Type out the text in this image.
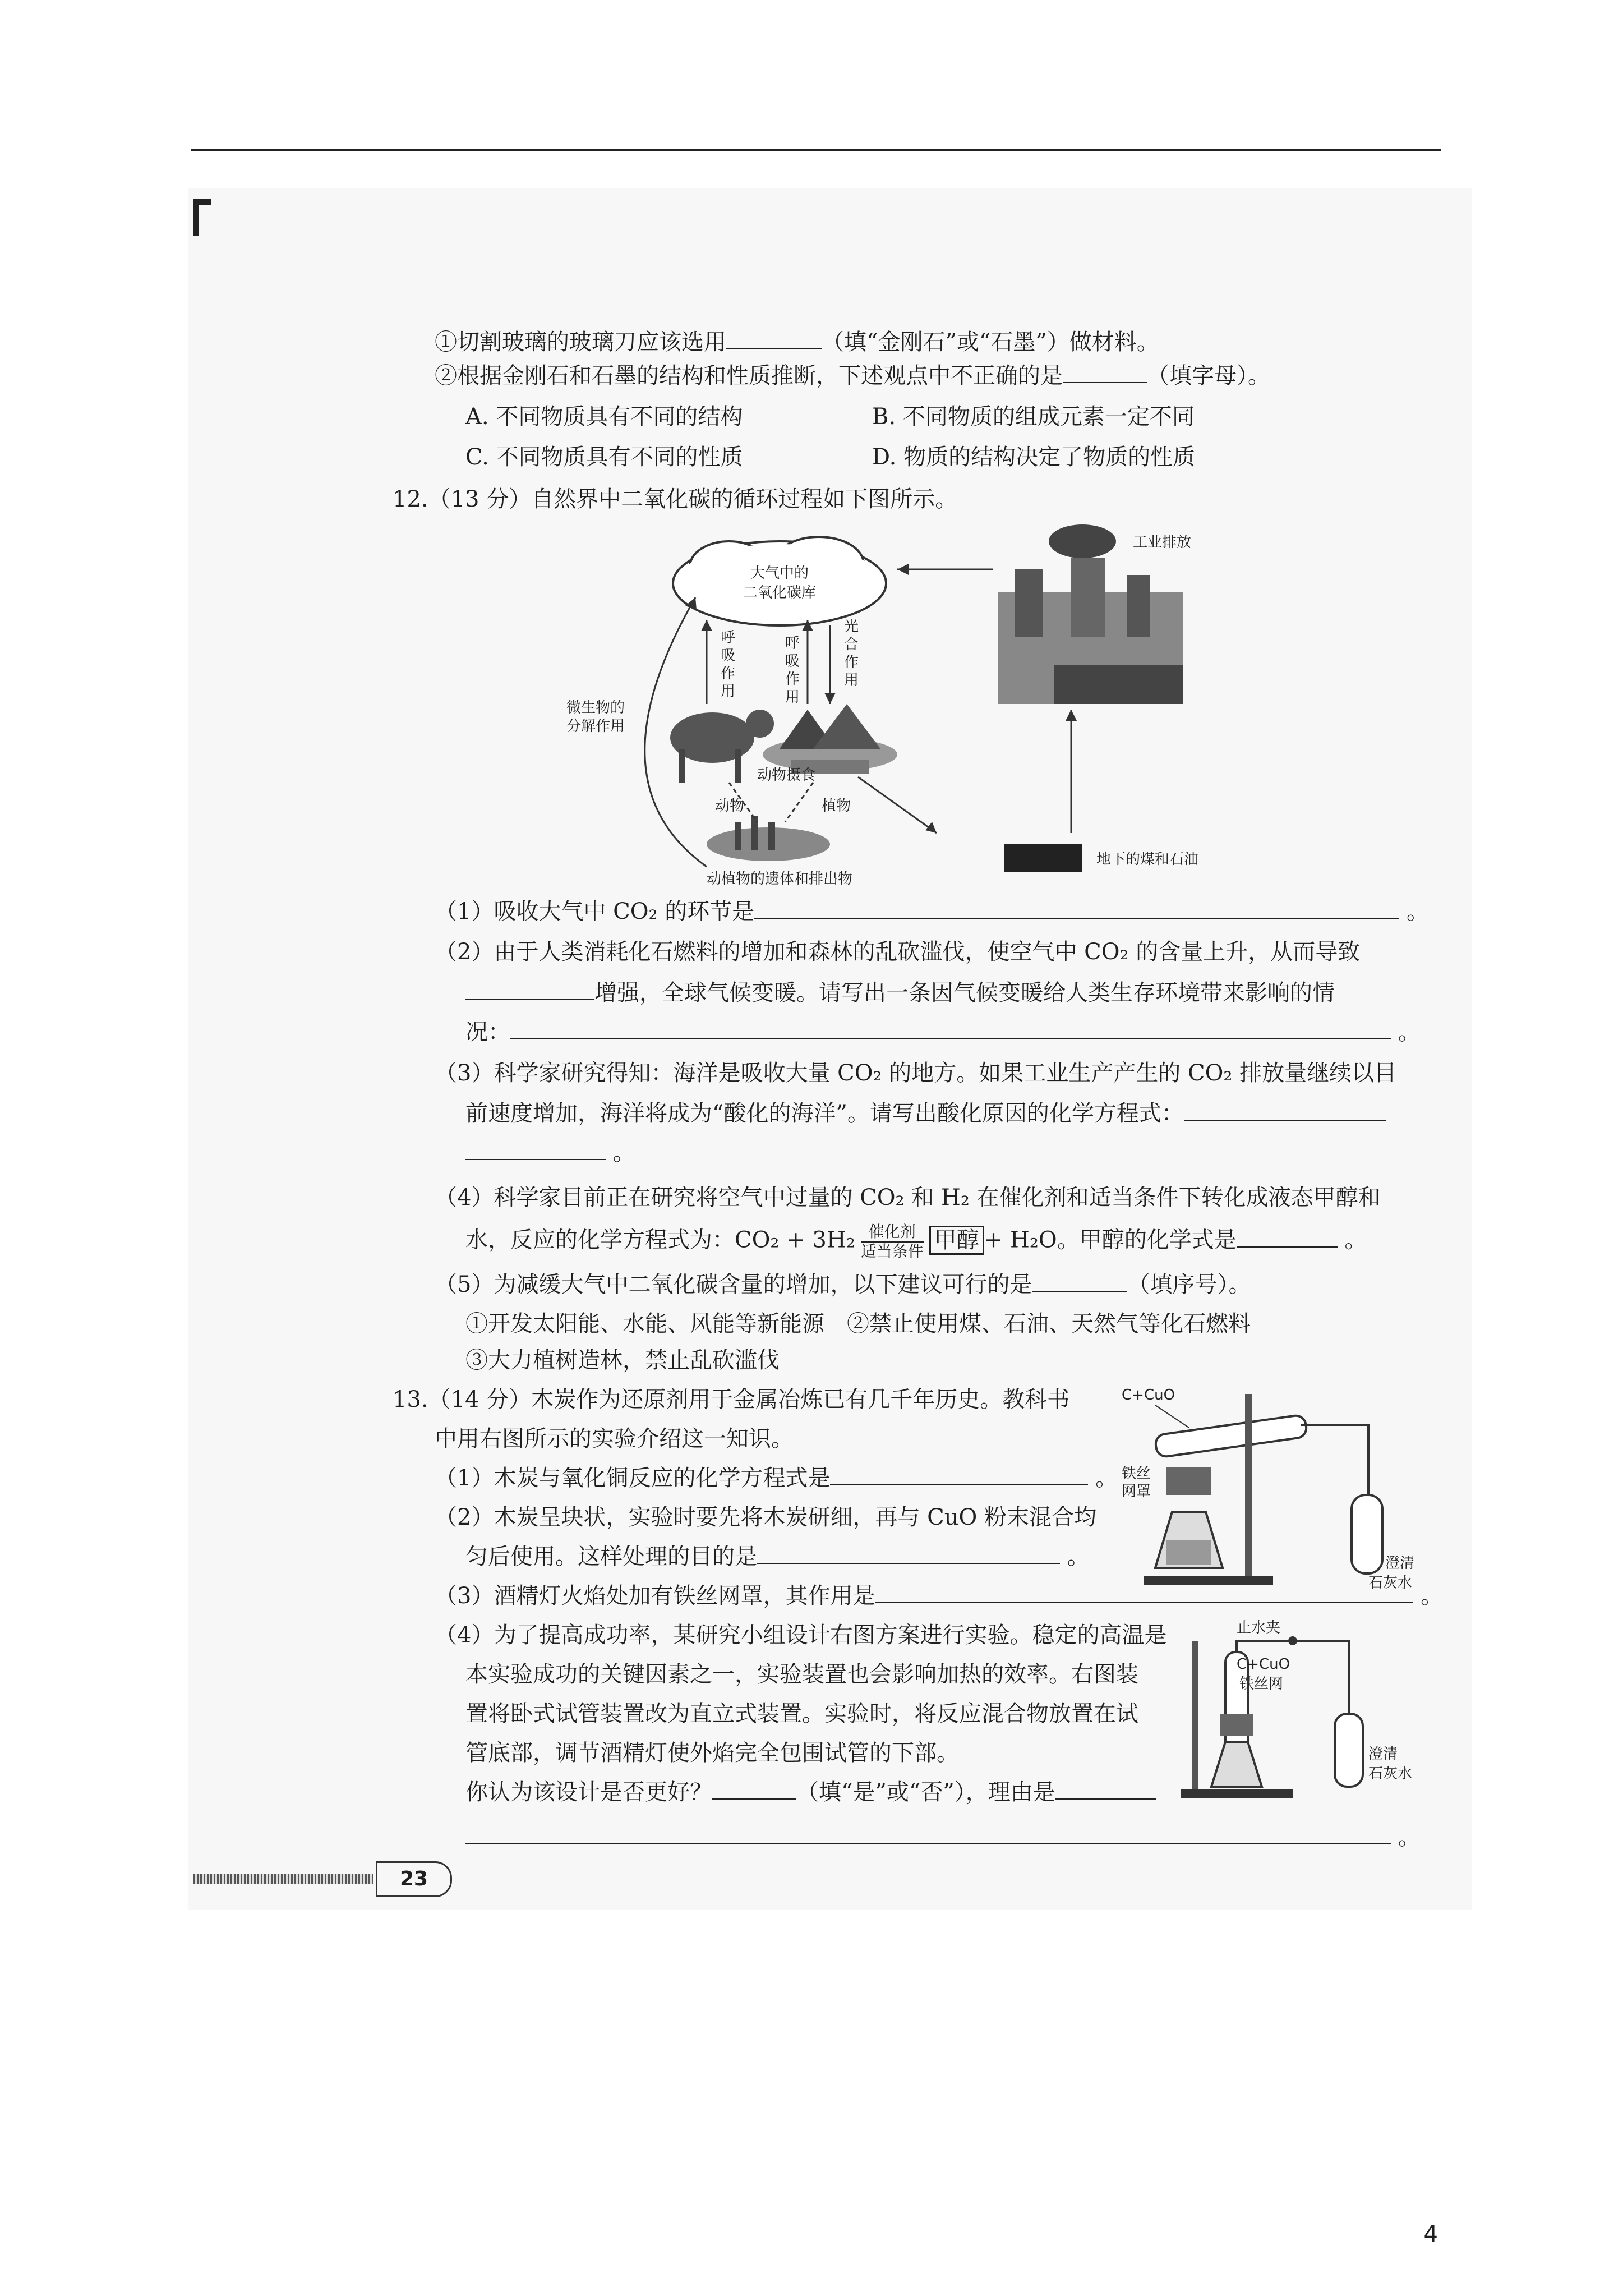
①切割玻璃的玻璃刀应该选用	（填“金刚石”或“石墨”）做材料。
②根据金刚石和石墨的结构和性质推断，下述观点中不正确的是	（填字母）。
A. 不同物质具有不同的结构	B. 不同物质的组成元素一定不同
C. 不同物质具有不同的性质	D. 物质的结构决定了物质的性质
12.（13 分）自然界中二氧化碳的循环过程如下图所示。
大气中的
二氧化碳库
工业排放
地下的煤和石油
呼
吸
作
用
光
合
作
用
呼
吸
作
用
动物
动物摄食
植物
动植物的遗体和排出物
微生物的
分解作用
（1）吸收大气中 CO₂ 的环节是	。
（2）由于人类消耗化石燃料的增加和森林的乱砍滥伐，使空气中 CO₂ 的含量上升，从而导致
增强，全球气候变暖。请写出一条因气候变暖给人类生存环境带来影响的情
况：	。
（3）科学家研究得知：海洋是吸收大量 CO₂ 的地方。如果工业生产产生的 CO₂ 排放量继续以目
前速度增加，海洋将成为“酸化的海洋”。请写出酸化原因的化学方程式：
。
（4）科学家目前正在研究将空气中过量的 CO₂ 和 H₂ 在催化剂和适当条件下转化成液态甲醇和
水，反应的化学方程式为：$CO_2 + 3H_2 \frac{\text{催化剂}}{\text{适当条件}}$ 甲醇 + H₂O。甲醇的化学式是	。
（5）为减缓大气中二氧化碳含量的增加，以下建议可行的是	（填序号）。
①开发太阳能、水能、风能等新能源　②禁止使用煤、石油、天然气等化石燃料
③大力植树造林，禁止乱砍滥伐
13.（14 分）木炭作为还原剂用于金属冶炼已有几千年历史。教科书
中用右图所示的实验介绍这一知识。
（1）木炭与氧化铜反应的化学方程式是	。
（2）木炭呈块状，实验时要先将木炭研细，再与 CuO 粉末混合均
匀后使用。这样处理的目的是	。
（3）酒精灯火焰处加有铁丝网罩，其作用是	。
（4）为了提高成功率，某研究小组设计右图方案进行实验。稳定的高温是
本实验成功的关键因素之一，实验装置也会影响加热的效率。右图装
置将卧式试管装置改为直立式装置。实验时，将反应混合物放置在试
管底部，调节酒精灯使外焰完全包围试管的下部。
你认为该设计是否更好？	（填“是”或“否”），理由是
。
C+CuO
铁丝
网罩
澄清
石灰水
止水夹
C+CuO
铁丝网
澄清
石灰水
23
4
